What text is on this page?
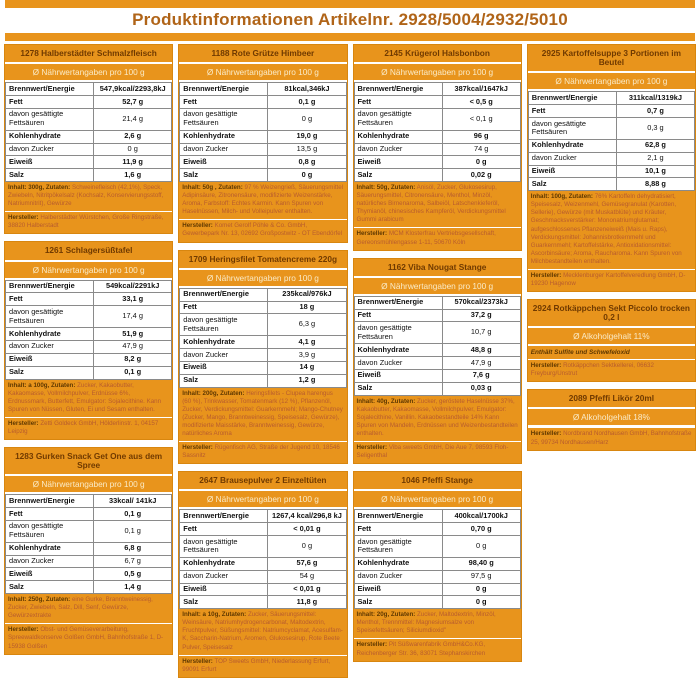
Produktinformationen Artikelnr. 2928/5004/2932/5010
1278 Halberstädter Schmalzfleisch
Ø Nährwertangaben pro 100 g
Brennwert/Energie	547,9kcal/2293,8kJ
Fett	52,7 g
davon gesättigte Fettsäuren	21,4 g
Kohlenhydrate	2,6 g
davon Zucker	0 g
Eiweiß	11,9 g
Salz	1,6 g
Inhalt: 300g, Zutaten: Schweinefleisch (42,1%), Speck, Zwiebeln, Nitritpökelsalz (Kochsalz, Konservierungsstoff, Natriumnitrit), Gewürze
Hersteller: Halberstädter Würstchen, Große Ringstraße, 38820 Halberstadt
1261 Schlagersüßtafel
Ø Nährwertangaben pro 100 g
Brennwert/Energie	549kcal/2291kJ
Fett	33,1 g
davon gesättigte Fettsäuren	17,4 g
Kohlenhydrate	51,9 g
davon Zucker	47,9 g
Eiweiß	8,2 g
Salz	0,1 g
Inhalt: a 100g, Zutaten: Zucker, Kakaobutter, Kakaomasse, Vollmilchpulver, Erdnüsse 6%, Erdnussmark, Butterfett, Emulgator: Sojalecithine. Kann Spuren von Nüssen, Gluten, Ei und Sesam enthalten.
Hersteller: Zetti Goldeck GmbH, Hölderlinstr. 1, 04157 Leipzig
1283 Gurken Snack Get One aus dem Spree
Ø Nährwertangaben pro 100 g
Brennwert/Energie	33kcal/ 141kJ
Fett	0,1 g
davon gesättigte Fettsäuren	0,1 g
Kohlenhydrate	6,8 g
davon Zucker	6,7 g
Eiweiß	0,5 g
Salz	1,4 g
Inhalt: 250g, Zutaten: eine Gurke, Branntweinessig, Zucker, Zwiebeln, Salz, Dill, Senf, Gewürze, Gewürzextrakte
Hersteller: Obst- und Gemüseverarbeitung, Spreewaldkonserve Golßen GmbH, Bahnhofstraße 1, D-15938 Golßen
1188 Rote Grütze Himbeer
Ø Nährwertangaben pro 100 g
Brennwert/Energie	81kcal,346kJ
Fett	0,1 g
davon gesättigte Fettsäuren	0 g
Kohlenhydrate	19,0 g
davon Zucker	13,5 g
Eiweiß	0,8 g
Salz	0 g
Inhalt: 50g , Zutaten: 97 % Weizengrieß, Säuerungsmittel Adipinsäure, Zitronensäure, modifizierte Weizenstärke, Aroma, Farbstoff: Echtes Karmin. Kann Spuren von Haselnüssen, Milch- und Volleipulver enthalten.
Hersteller: Komet Gerolf Pöhle & Co. GmbH, Gewerbepark Nr. 13, 02692 Großpostwitz - OT Ebendörfel
1709 Heringsfilet Tomatencreme 220g
Ø Nährwertangaben pro 100 g
Brennwert/Energie	235kcal/976kJ
Fett	18 g
davon gesättigte Fettsäuren	6,3 g
Kohlenhydrate	4,1 g
davon Zucker	3,9 g
Eiweiß	14 g
Salz	1,2 g
Inhalt: 200g, Zutaten: Heringsfilets - Clupea harengus (60 %), Trinkwasser, Tomatenmark (12 %), Pflanzenöl, Zucker, Verdickungsmittel: Guarkernmehl; Mango-Chutney (Zucker, Mango, Branntweinessig, Speisesalz, Gewürze), modifizierte Maisstärke, Branntweinessig, Gewürze, natürliches Aroma
Hersteller: Rügenfisch AG, Straße der Jugend 10, 18546 Sassnitz
2647 Brausepulver 2 Einzeltüten
Ø Nährwertangaben pro 100 g
Brennwert/Energie	1267,4 kcal/296,8 kJ
Fett	< 0,01 g
davon gesättigte Fettsäuren	0 g
Kohlenhydrate	57,6 g
davon Zucker	54 g
Eiweiß	< 0,01 g
Salz	11,8 g
Inhalt: a 10g, Zutaten: Zucker, Säuerungsmittel: Weinsäure, Natriumhydrogencarbonat, Maltodextrin, Fruchtpulver, Süßungsmittel: Natriumcyclamat, Acesulfam-K, Saccharin-Natrium, Aromen, Glukosesirup, Rote Beete Pulver, Speisesalz
Hersteller: TOP Sweets GmbH, Niederlassung Erfurt, 99091 Erfurt
2145 Krügerol Halsbonbon
Ø Nährwertangaben pro 100 g
Brennwert/Energie	387kcal/1647kJ
Fett	< 0,5 g
davon gesättigte Fettsäuren	< 0,1 g
Kohlenhydrate	96 g
davon Zucker	74 g
Eiweiß	0 g
Salz	0,02 g
Inhalt: 50g, Zutaten: Anisöl, Zucker, Glukosesirup, Säuerungsmittel, Citronensäure, Menthol, Minzöl, natürliches Birnenaroma, Salbeiöl, Latschenkieferöl, Thymianöl, chinesisches Kampferöl, Verdickungsmittel Gummi arabicum
Hersteller: MCM Klosterfrau Vertriebsgesellschaft, Gereonsmühlengasse 1-11, 50670 Köln
1162 Viba Nougat Stange
Ø Nährwertangaben pro 100 g
Brennwert/Energie	570kcal/2373kJ
Fett	37,2 g
davon gesättigte Fettsäuren	10,7 g
Kohlenhydrate	48,8 g
davon Zucker	47,9 g
Eiweiß	7,6 g
Salz	0,03 g
Inhalt: 40g, Zutaten: Zucker, geröstete Haselnüsse 37%, Kakaobutter, Kakaomasse, Vollmilchpulver, Emulgator: Sojalecithine, Vanillin. Kakaobestandteile 14% Kann Spuren von Mandeln, Erdnüssen und Weizenbestandteilen enthalten.
Hersteller: Viba sweets GmbH, Die Aue 7, 98593 Floh-Seligenthal
1046 Pfeffi Stange
Ø Nährwertangaben pro 100 g
Brennwert/Energie	400kcal/1700kJ
Fett	0,70 g
davon gesättigte Fettsäuren	0 g
Kohlenhydrate	98,40 g
davon Zucker	97,5 g
Eiweiß	0 g
Salz	0 g
Inhalt: 20g, Zutaten: Zucker, Maltodextrin, Minzöl, Menthol, Trennmittel: Magnesiumsalze von Speisefettsäuren; Siliciumdioxid"
Hersteller: Pit Süßwarenfabrik GmbH&Co.KG, Reichenberger Str. 36, 83071 Stephanskirchen
2925 Kartoffelsuppe 3 Portionen im Beutel
Ø Nährwertangaben pro 100 g
Brennwert/Energie	311kcal/1319kJ
Fett	0,7 g
davon gesättigte Fettsäuren	0,3 g
Kohlenhydrate	62,8 g
davon Zucker	2,1 g
Eiweiß	10,1 g
Salz	8,88 g
Inhalt: 100g, Zutaten: 76% Kartoffeln dehydratisiert, Speisesalz, Weizenmehl, Gemüsegranulat (Karotten, Sellerie), Gewürze (mit Muskatblüte) und Kräuter, Geschmacksverstärker: Mononatriumglutamat; aufgeschlossenes Pflanzeneiweiß (Mais u. Raps), Verdickungsmittel: Johannisbrotkernmehl und Guarkernmehl; Kartoffelstärke, Antioxidationsmittel: Ascorbinsäure; Aroma, Raucharoma. Kann Spuren von Milchbestandteilen enthalten.
Hersteller: Mecklenburger Kartoffelveredlung GmbH, D-19230 Hagenow
2924 Rotkäppchen Sekt Piccolo trocken 0,2 l
Ø Alkoholgehalt 11%
Enthält Sulfite und Schwefeloxid
Hersteller: Rotkäppchen Sektkellerei, 06632 Freyburg/Unstrut
2089 Pfeffi Likör 20ml
Ø Alkoholgehalt 18%
Hersteller: Nordbrand Nordhausen GmbH, Bahnhofstraße 25, 99734 Nordhausen/Harz
